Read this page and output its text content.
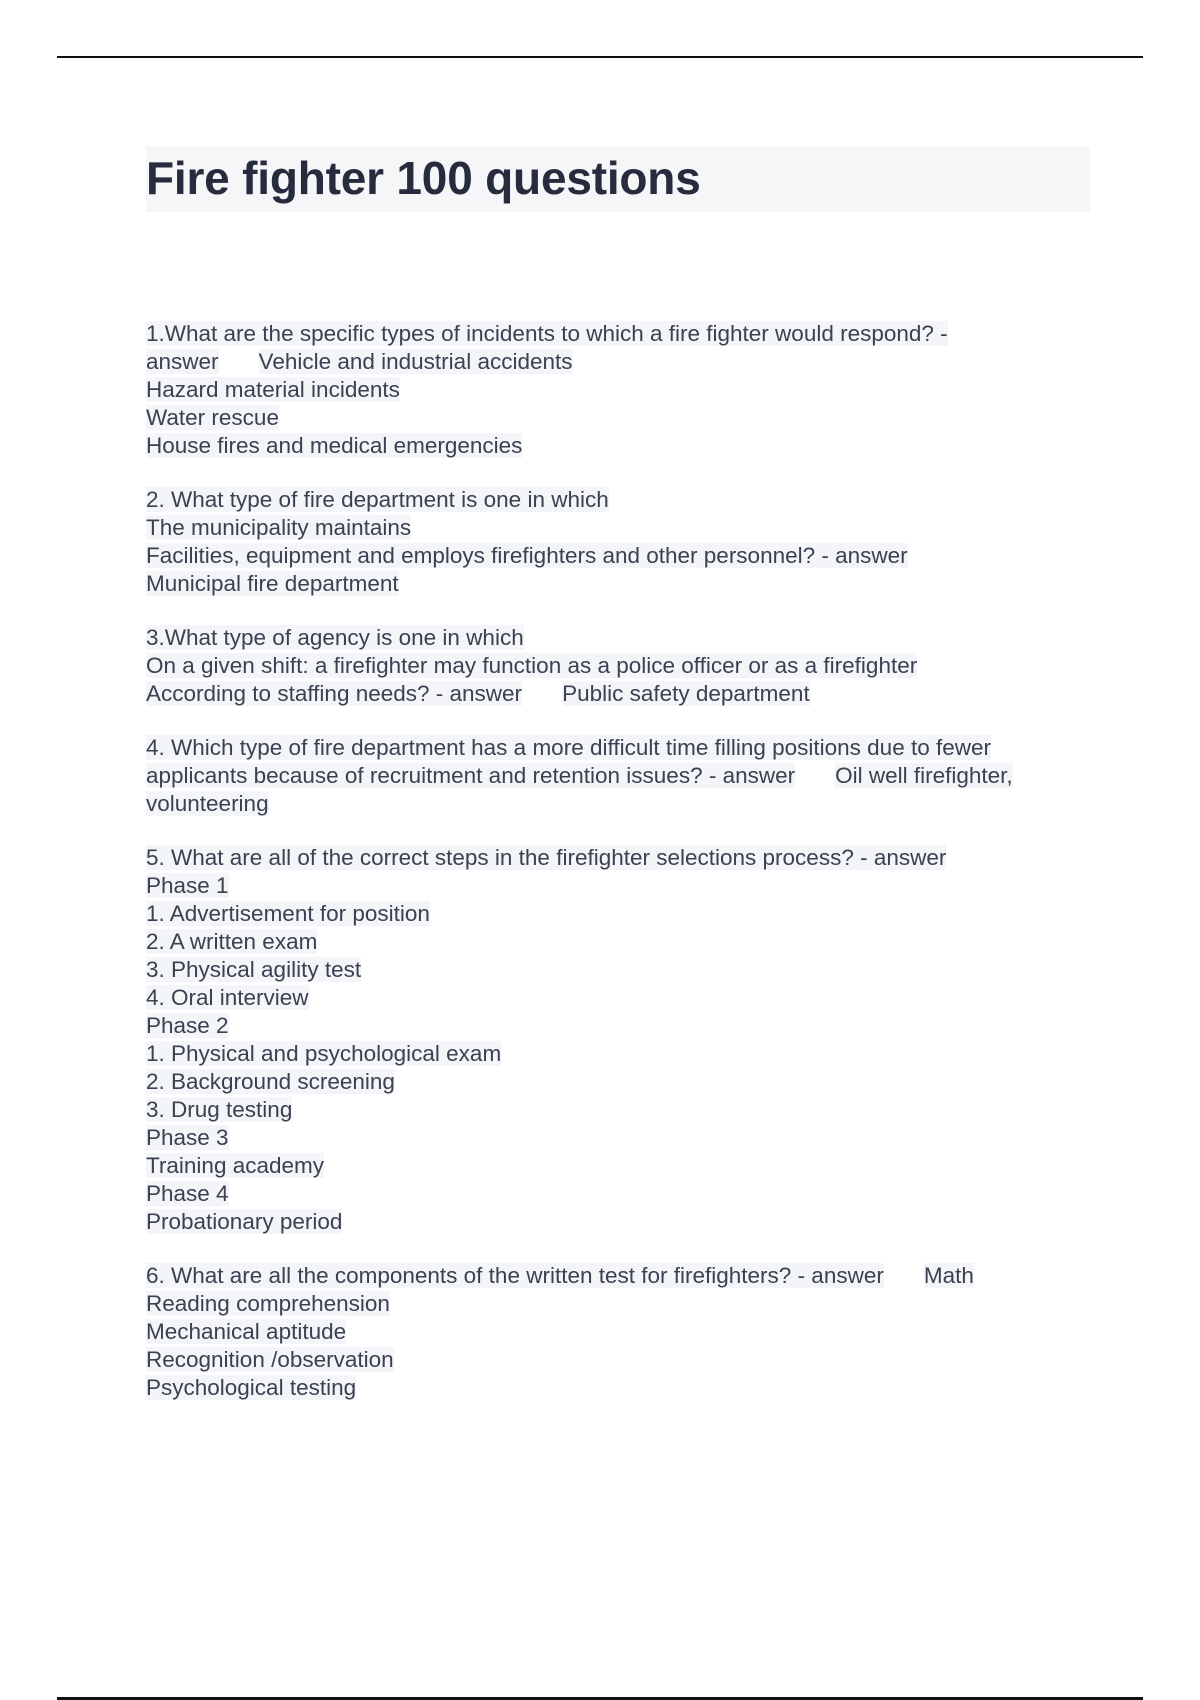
Fire fighter 100 questions
1.What are the specific types of incidents to which a fire fighter would respond? -
answer Vehicle and industrial accidents
Hazard material incidents
Water rescue
House fires and medical emergencies
2. What type of fire department is one in which
The municipality maintains
Facilities, equipment and employs firefighters and other personnel? - answer
Municipal fire department
3.What type of agency is one in which
On a given shift: a firefighter may function as a police officer or as a firefighter
According to staffing needs? - answer Public safety department
4. Which type of fire department has a more difficult time filling positions due to fewer
applicants because of recruitment and retention issues? - answer Oil well firefighter,
volunteering
5. What are all of the correct steps in the firefighter selections process? - answer
Phase 1
1. Advertisement for position
2. A written exam
3. Physical agility test
4. Oral interview
Phase 2
1. Physical and psychological exam
2. Background screening
3. Drug testing
Phase 3
Training academy
Phase 4
Probationary period
6. What are all the components of the written test for firefighters? - answer Math
Reading comprehension
Mechanical aptitude
Recognition /observation
Psychological testing
